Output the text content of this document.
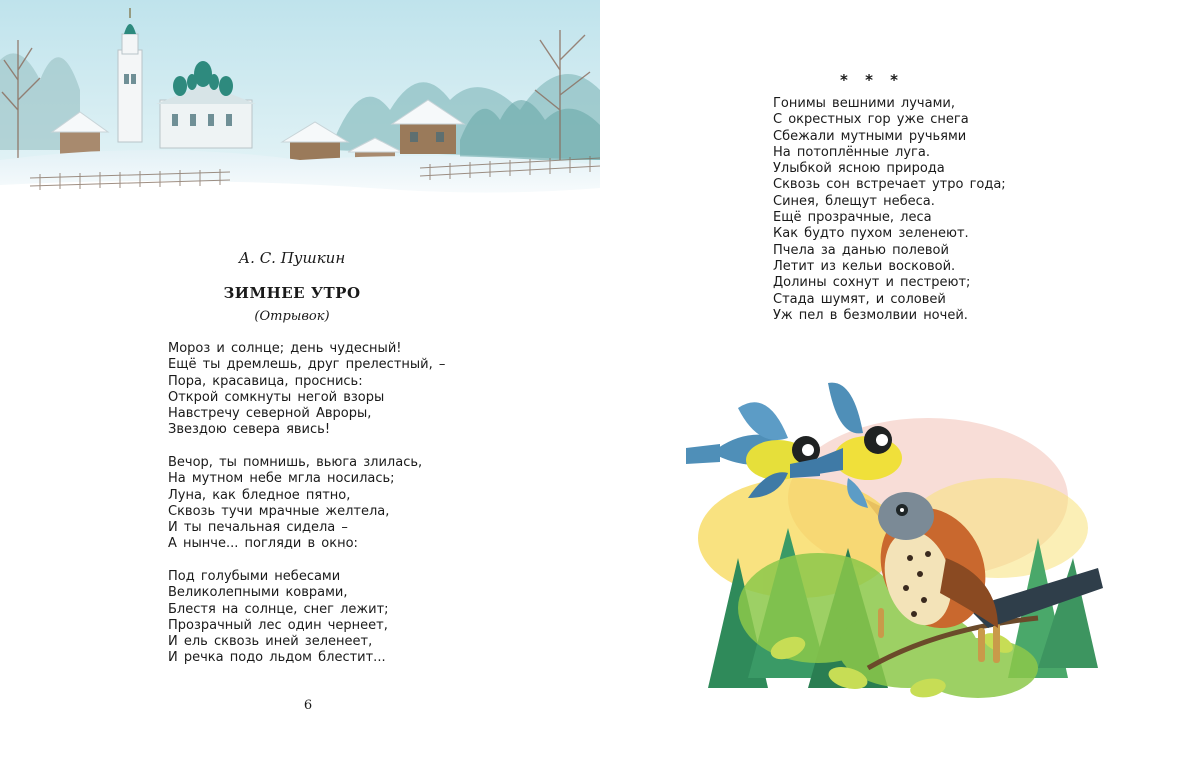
А. С. Пушкин
ЗИМНЕЕ УТРО
(Отрывок)
Мороз и солнце; день чудесный!
Ещё ты дремлешь, друг прелестный, –
Пора, красавица, проснись:
Открой сомкнуты негой взоры
Навстречу северной Авроры,
Звездою севера явись!
Вечор, ты помнишь, вьюга злилась,
На мутном небе мгла носилась;
Луна, как бледное пятно,
Сквозь тучи мрачные желтела,
И ты печальная сидела –
А нынче... погляди в окно:
Под голубыми небесами
Великолепными коврами,
Блестя на солнце, снег лежит;
Прозрачный лес один чернеет,
И ель сквозь иней зеленеет,
И речка подо льдом блестит...
6
* * *
Гонимы вешними лучами,
С окрестных гор уже снега
Сбежали мутными ручьями
На потоплённые луга.
Улыбкой ясною природа
Сквозь сон встречает утро года;
Синея, блещут небеса.
Ещё прозрачные, леса
Как будто пухом зеленеют.
Пчела за данью полевой
Летит из кельи восковой.
Долины сохнут и пестреют;
Стада шумят, и соловей
Уж пел в безмолвии ночей.
